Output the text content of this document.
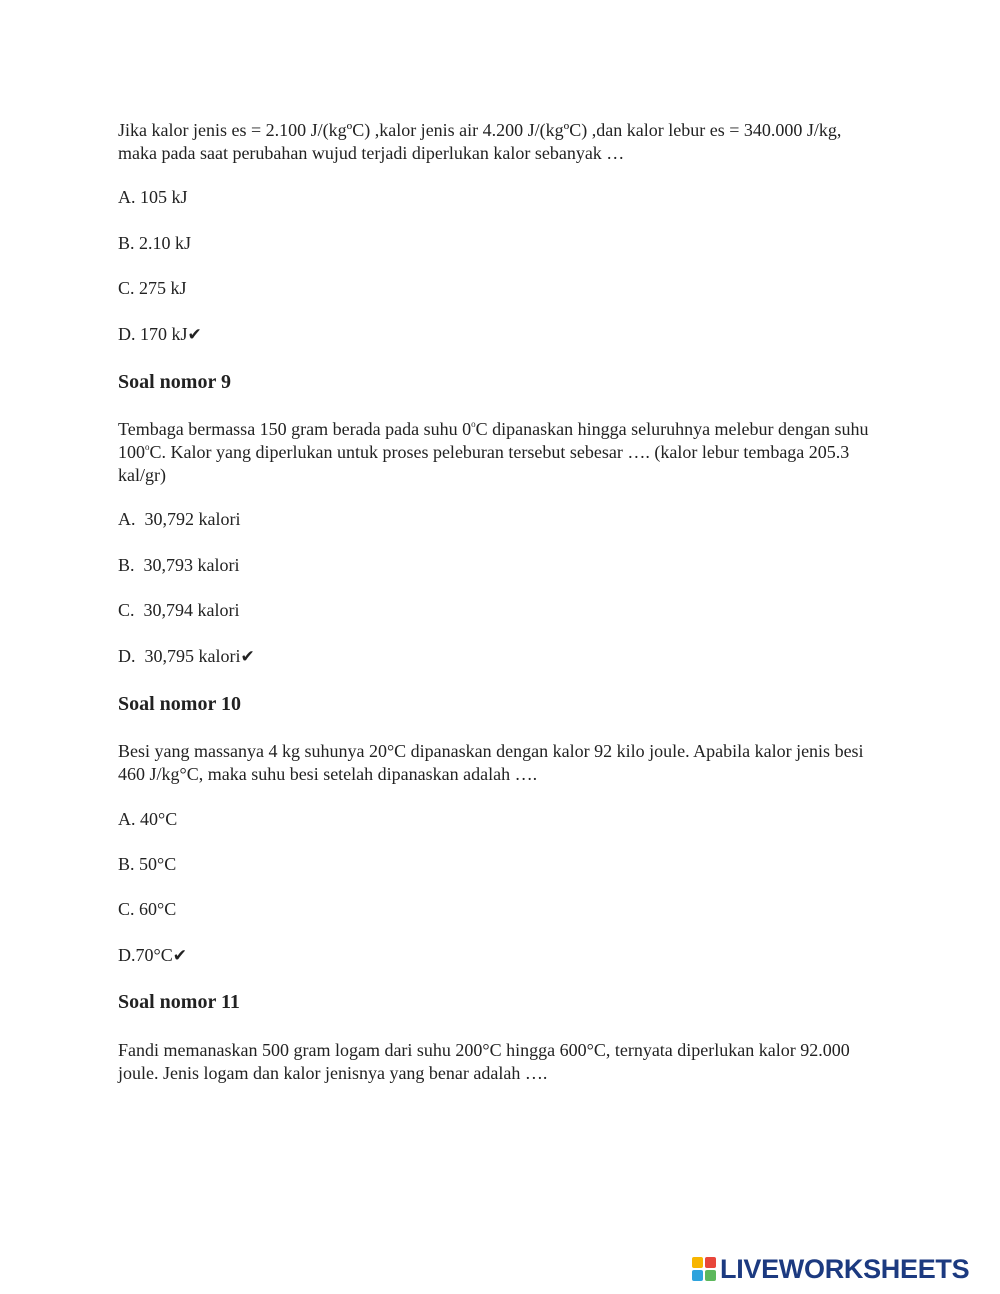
Jika kalor jenis es = 2.100 J/(kgºC) ,kalor jenis air 4.200 J/(kgºC) ,dan kalor lebur es = 340.000 J/kg, maka pada saat perubahan wujud terjadi diperlukan kalor sebanyak …

A. 105 kJ
B. 2.10 kJ
C. 275 kJ
D. 170 kJ✔
Soal nomor 9

Tembaga bermassa 150 gram berada pada suhu 0$^o$C dipanaskan hingga seluruhnya melebur dengan suhu 100$^o$C. Kalor yang diperlukan untuk proses peleburan tersebut sebesar …. (kalor lebur tembaga 205.3 kal/gr)

A.  30,792 kalori
B.  30,793 kalori
C.  30,794 kalori
D.  30,795 kalori✔
Soal nomor 10

Besi yang massanya 4 kg suhunya 20°C dipanaskan dengan kalor 92 kilo joule. Apabila kalor jenis besi 460 J/kg°C, maka suhu besi setelah dipanaskan adalah ….

A. 40°C
B. 50°C
C. 60°C
D.70°C✔
Soal nomor 11

Fandi memanaskan 500 gram logam dari suhu 200°C hingga 600°C, ternyata diperlukan kalor 92.000 joule. Jenis logam dan kalor jenisnya yang benar adalah ….

LIVEWORKSHEETS
